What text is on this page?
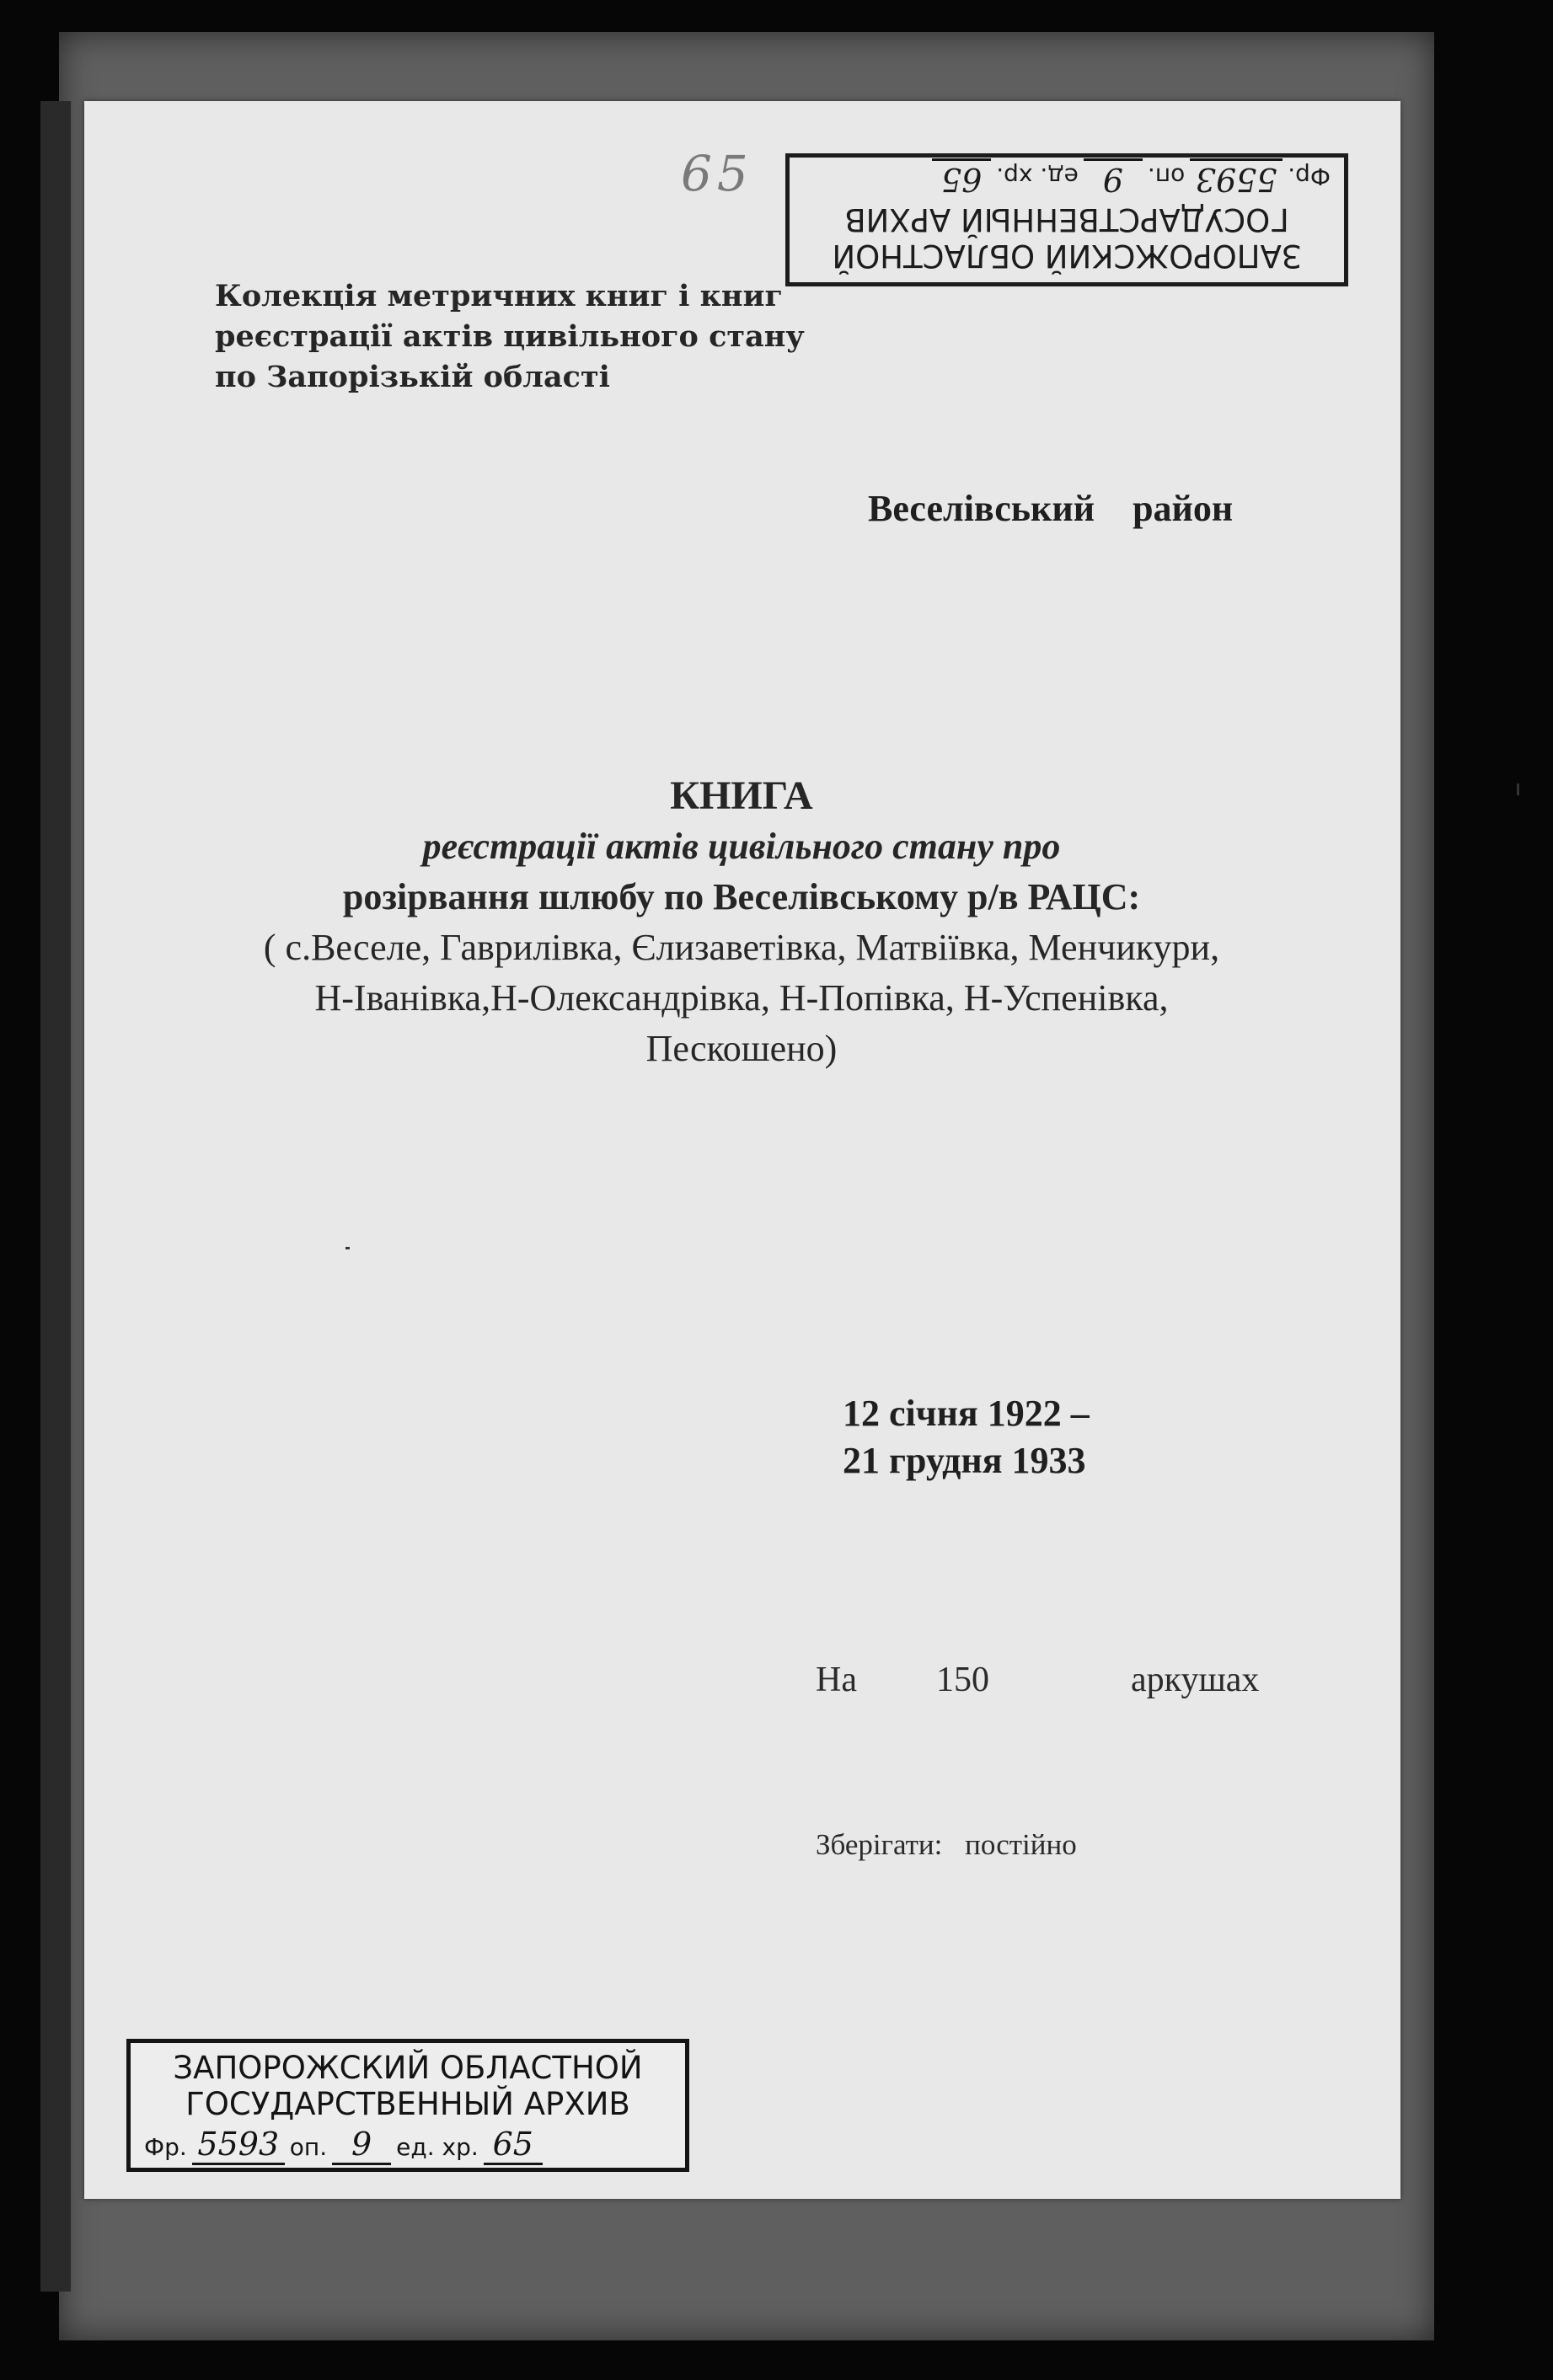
65
ЗАПОРОЖСКИЙ ОБЛАСТНОЙ
ГОСУДАРСТВЕННЫЙ АРХИВ
Фр.
5593
оп.
9
ед. хр.
65
Колекція метричних книг і книг
реєстрації актів цивільного стану
по Запорізькій області
Веселівський район
КНИГА
реєстрації актів цивільного стану про
розірвання шлюбу по Веселівському р/в РАЦС:
( с.Веселе, Гаврилівка, Єлизаветівка, Матвіївка, Менчикури,
Н-Іванівка,Н-Олександрівка, Н-Попівка, Н-Успенівка,
Пескошено)
12 січня 1922 –
21 грудня 1933
На 150	аркушах
Зберігати: постійно
ЗАПОРОЖСКИЙ ОБЛАСТНОЙ
ГОСУДАРСТВЕННЫЙ АРХИВ
Фр. 5593 оп. 9	ед. хр. 65
